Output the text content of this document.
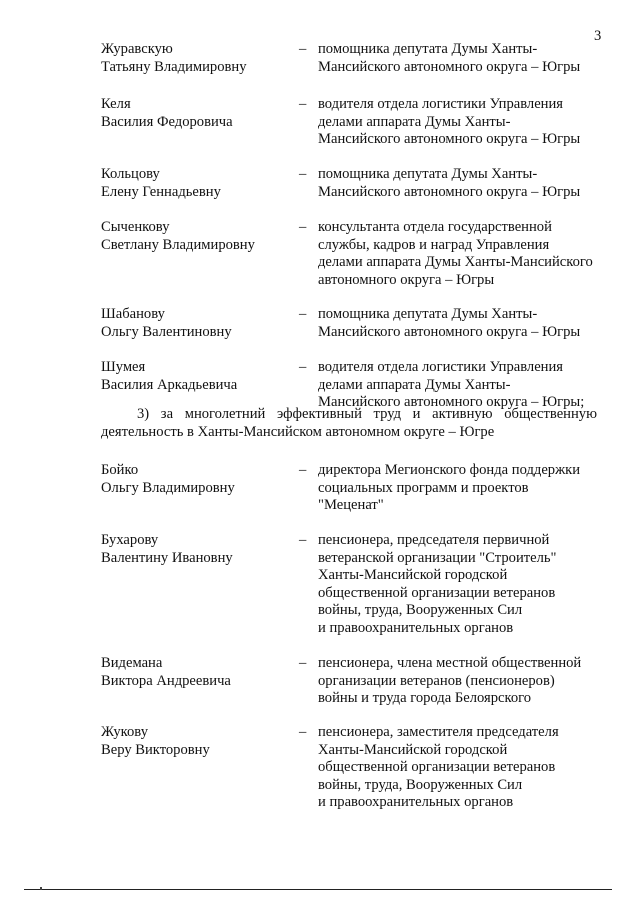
3
Журавскую
Татьяну Владимировну
– помощника депутата Думы Ханты-
Мансийского автономного округа – Югры
Келя
Василия Федоровича
– водителя отдела логистики Управления
делами аппарата Думы Ханты-
Мансийского автономного округа – Югры
Кольцову
Елену Геннадьевну
– помощника депутата Думы Ханты-
Мансийского автономного округа – Югры
Сыченкову
Светлану Владимировну
– консультанта отдела государственной
службы, кадров и наград Управления
делами аппарата Думы Ханты-Мансийского
автономного округа – Югры
Шабанову
Ольгу Валентиновну
– помощника депутата Думы Ханты-
Мансийского автономного округа – Югры
Шумея
Василия Аркадьевича
– водителя отдела логистики Управления
делами аппарата Думы Ханты-
Мансийского автономного округа – Югры;
3) за многолетний эффективный труд и активную общественную деятельность в Ханты-Мансийском автономном округе – Югре
Бойко
Ольгу Владимировну
– директора Мегионского фонда поддержки
социальных программ и проектов
"Меценат"
Бухарову
Валентину Ивановну
– пенсионера, председателя первичной
ветеранской организации "Строитель"
Ханты-Мансийской городской
общественной организации ветеранов
войны, труда, Вооруженных Сил
и правоохранительных органов
Видемана
Виктора Андреевича
– пенсионера, члена местной общественной
организации ветеранов (пенсионеров)
войны и труда города Белоярского
Жукову
Веру Викторовну
– пенсионера, заместителя председателя
Ханты-Мансийской городской
общественной организации ветеранов
войны, труда, Вооруженных Сил
и правоохранительных органов
